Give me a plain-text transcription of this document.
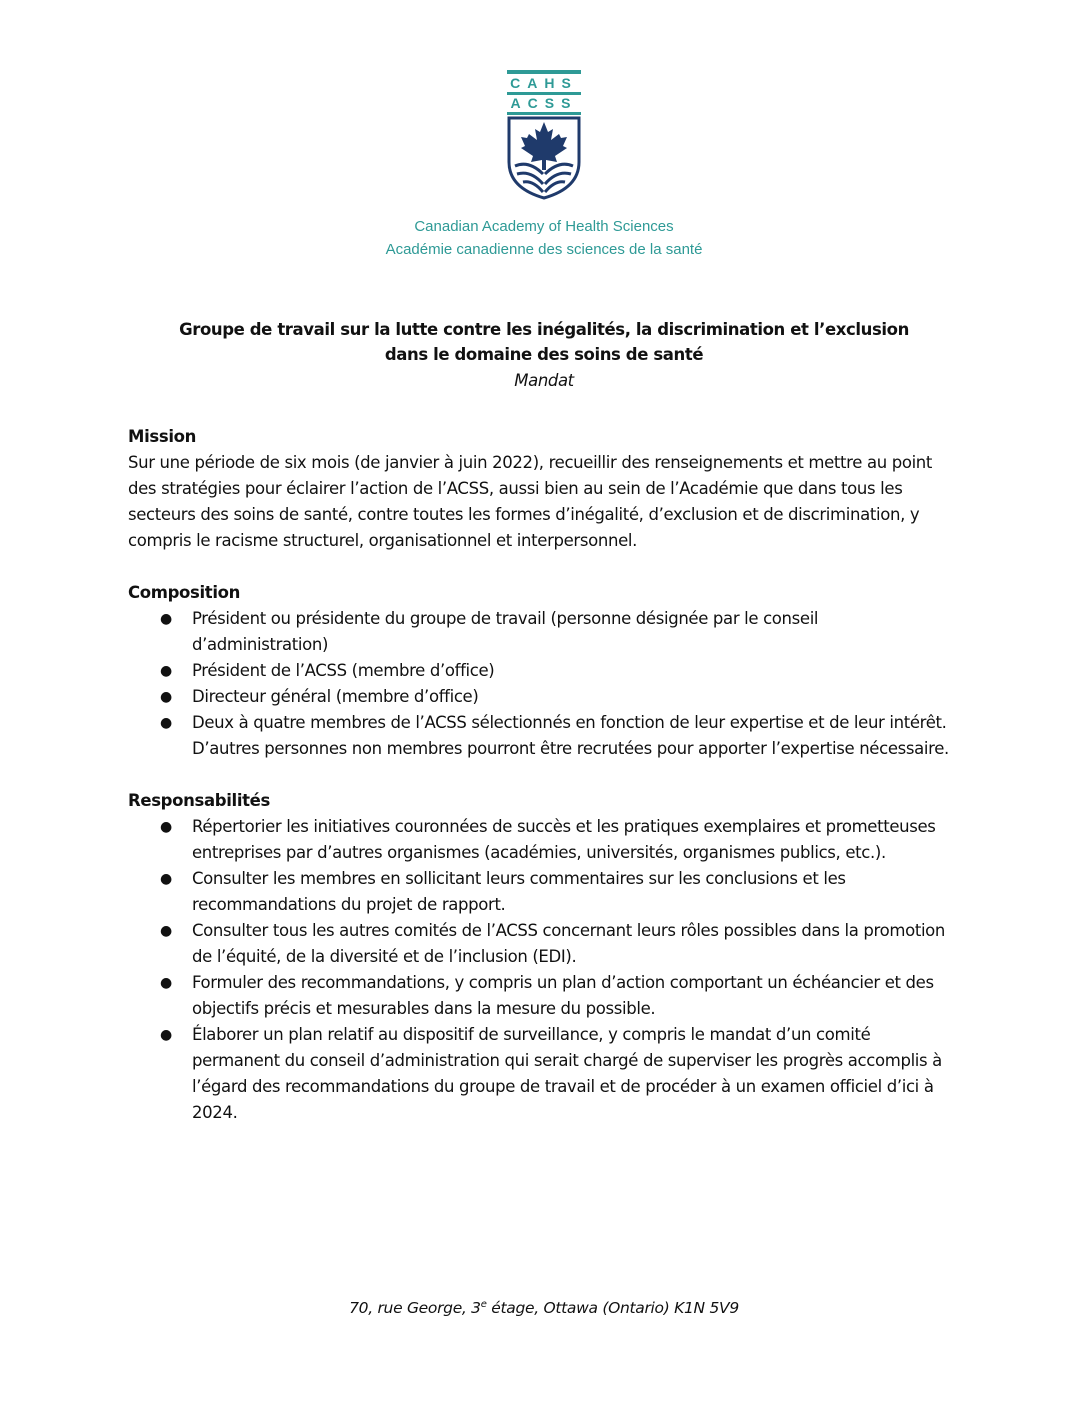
CAHS
ACSS

Canadian Academy of Health Sciences

Académie canadienne des sciences de la santé

Groupe de travail sur la lutte contre les inégalités, la discrimination et l’exclusion

dans le domaine des soins de santé

Mandat

Mission

Sur une période de six mois (de janvier à juin 2022), recueillir des renseignements et mettre au point des stratégies pour éclairer l’action de l’ACSS, aussi bien au sein de l’Académie que dans tous les secteurs des soins de santé, contre toutes les formes d’inégalité, d’exclusion et de discrimination, y compris le racisme structurel, organisationnel et interpersonnel.

Composition
● Président ou présidente du groupe de travail (personne désignée par le conseil d’administration)
● Président de l’ACSS (membre d’office)
● Directeur général (membre d’office)
● Deux à quatre membres de l’ACSS sélectionnés en fonction de leur expertise et de leur intérêt. D’autres personnes non membres pourront être recrutées pour apporter l’expertise nécessaire.
Responsabilités
● Répertorier les initiatives couronnées de succès et les pratiques exemplaires et prometteuses entreprises par d’autres organismes (académies, universités, organismes publics, etc.).
● Consulter les membres en sollicitant leurs commentaires sur les conclusions et les recommandations du projet de rapport.
● Consulter tous les autres comités de l’ACSS concernant leurs rôles possibles dans la promotion de l’équité, de la diversité et de l’inclusion (EDI).
● Formuler des recommandations, y compris un plan d’action comportant un échéancier et des objectifs précis et mesurables dans la mesure du possible.
● Élaborer un plan relatif au dispositif de surveillance, y compris le mandat d’un comité permanent du conseil d’administration qui serait chargé de superviser les progrès accomplis à l’égard des recommandations du groupe de travail et de procéder à un examen officiel d’ici à 2024.

70, rue George, 3e étage, Ottawa (Ontario) K1N 5V9
